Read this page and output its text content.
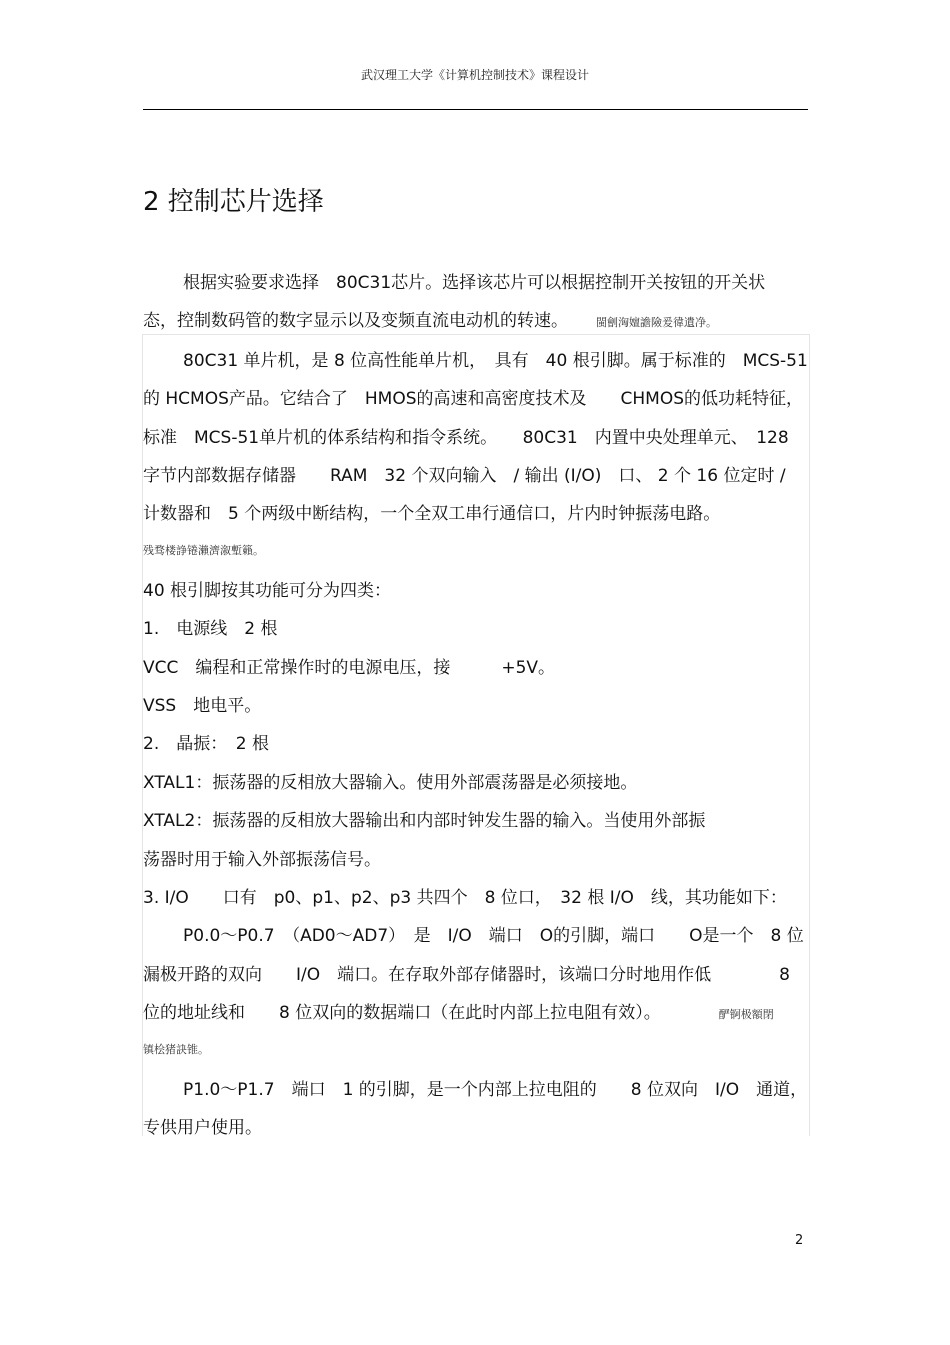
武汉理工大学《计算机控制技术》课程设计
2 控制芯片选择
根据实验要求选择　80C31芯片。选择该芯片可以根据控制开关按钮的开关状
态，控制数码管的数字显示以及变频直流电动机的转速。	閩劊洶嬗譫險爰徫遺净。
80C31 单片机，是 8 位高性能单片机，　具有　40 根引脚。属于标准的　MCS-51
的 HCMOS产品。它结合了　HMOS的高速和高密度技术及　　CHMOS的低功耗特征，
标准　MCS-51单片机的体系结构和指令系统。　　80C31　内置中央处理单元、　128
字节内部数据存储器　　RAM　32 个双向输入　/ 输出 (I/O)　口、 2 个 16 位定时 /
计数器和　5 个两级中断结构，一个全双工串行通信口，片内时钟振荡电路。
残骛楼諍锩瀨濟溆塹籟。
40 根引脚按其功能可分为四类：
1.　电源线　2 根
VCC　编程和正常操作时的电源电压，接　　　+5V。
VSS　地电平。
2.　晶振：　2 根
XTAL1：振荡器的反相放大器输入。使用外部震荡器是必须接地。
XTAL2：振荡器的反相放大器输出和内部时钟发生器的输入。当使用外部振
荡器时用于输入外部振荡信号。
3. I/O　　口有　p0、p1、p2、p3 共四个　8 位口，　32 根 I/O　线，其功能如下：
P0.0～P0.7　（AD0～AD7）　是　I/O　端口　O的引脚，端口　　O是一个　8 位
漏极开路的双向　　I/O　端口。在存取外部存储器时，该端口分时地用作低　　　　8
位的地址线和　　8 位双向的数据端口（在此时内部上拉电阻有效）。	酽锕极額閉
镇桧猪訣锥。
P1.0～P1.7　端口　1 的引脚，是一个内部上拉电阻的　　8 位双向　I/O　通道，
专供用户使用。
2
